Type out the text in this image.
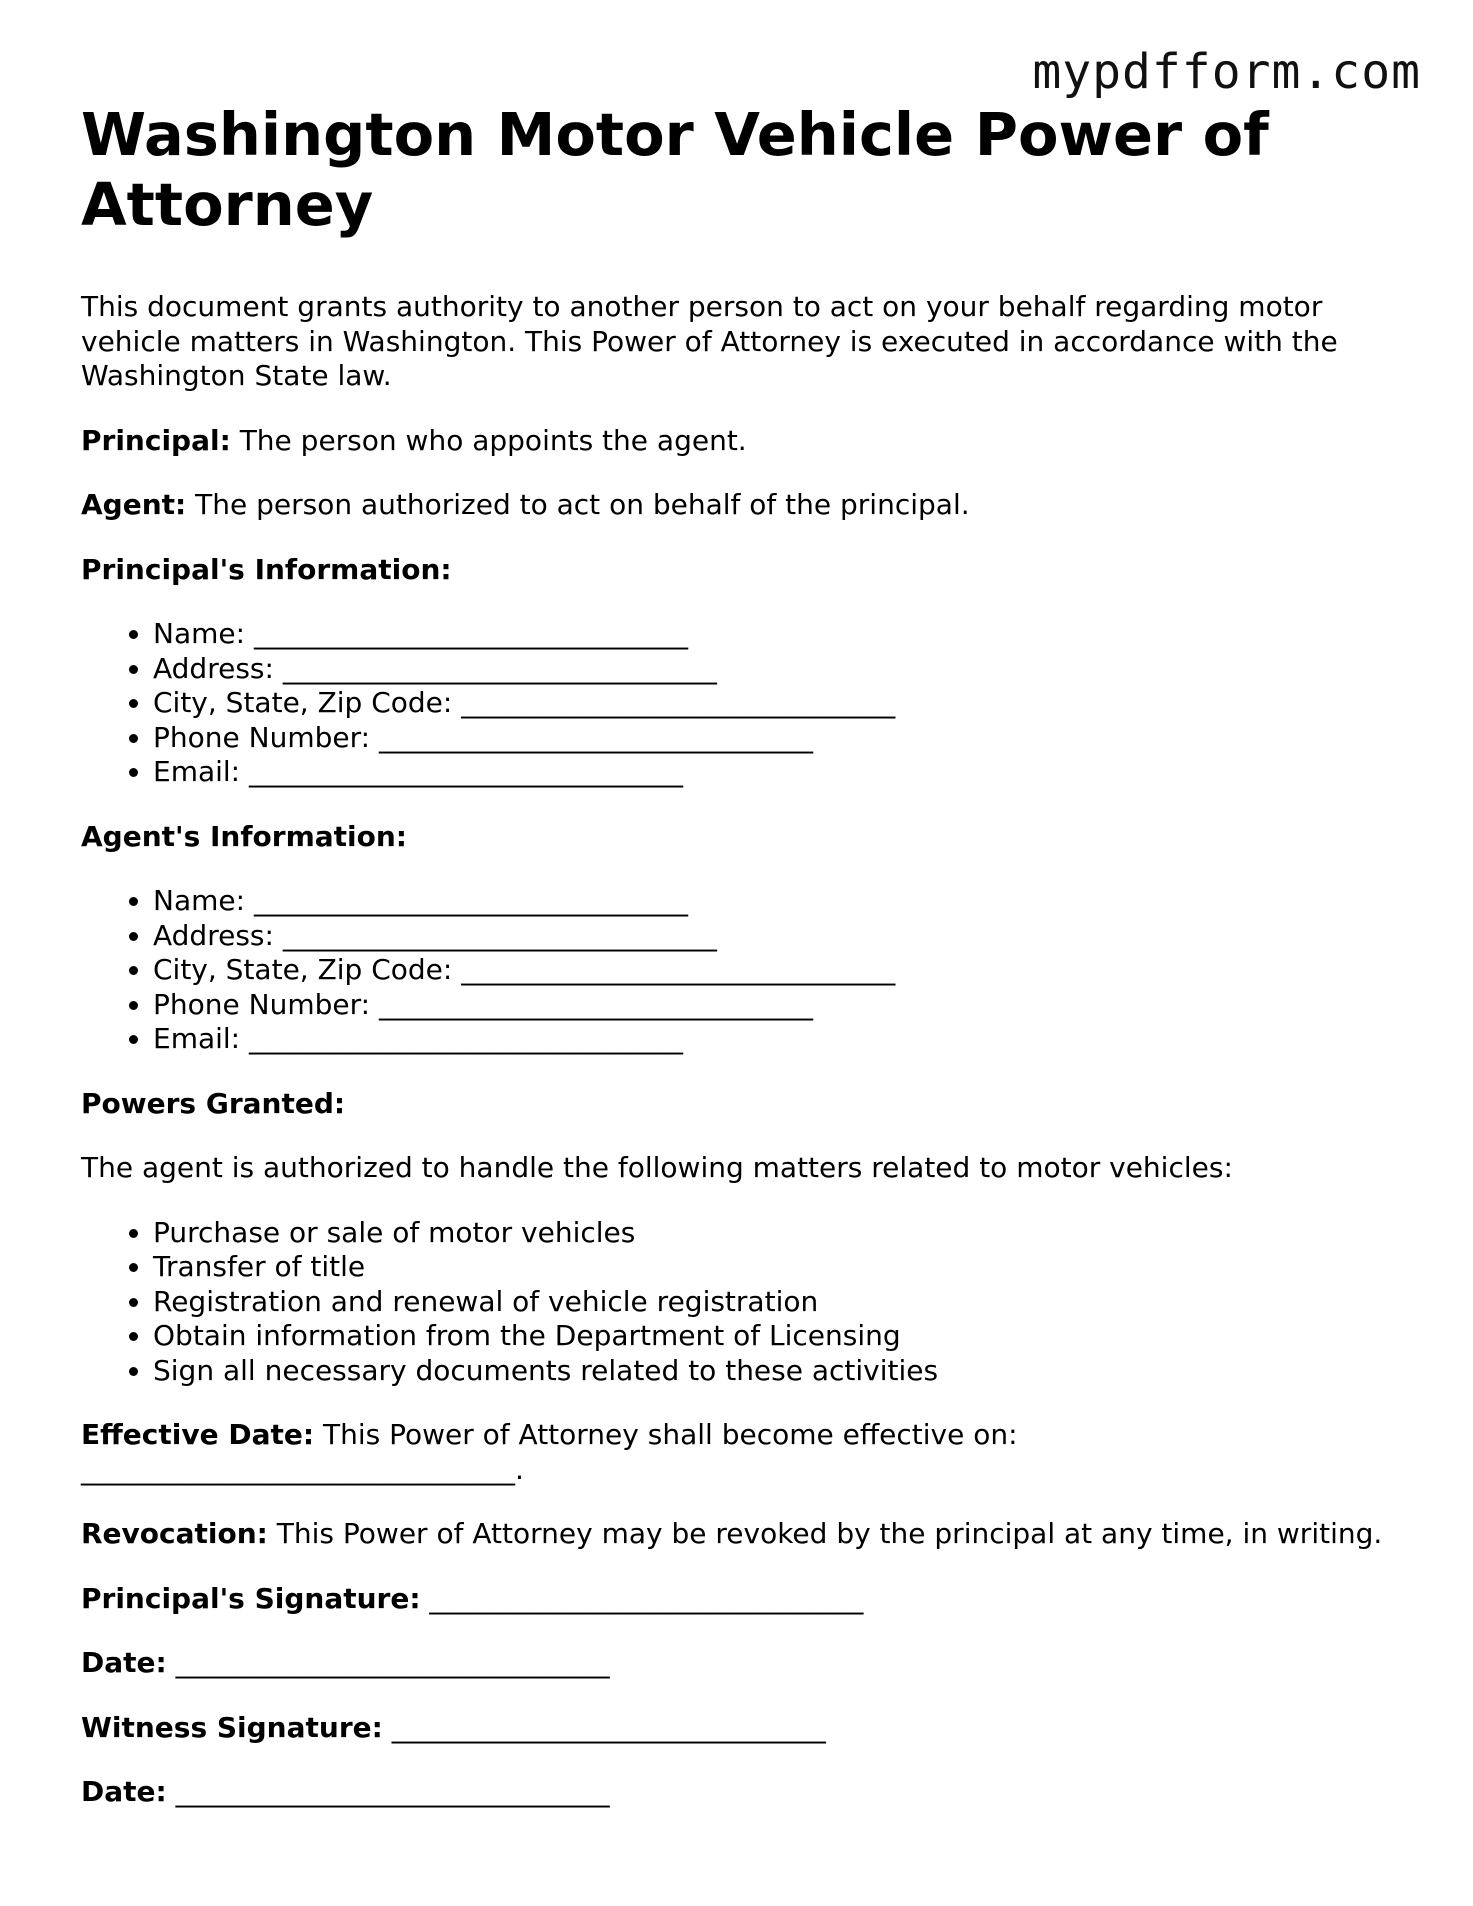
mypdfform.com
Washington Motor Vehicle Power of Attorney

This document grants authority to another person to act on your behalf regarding motor vehicle matters in Washington. This Power of Attorney is executed in accordance with the Washington State law.

Principal: The person who appoints the agent.

Agent: The person authorized to act on behalf of the principal.

Principal's Information:

• Name: _______________________________
• Address: _______________________________
• City, State, Zip Code: _______________________________
• Phone Number: _______________________________
• Email: _______________________________

Agent's Information:

• Name: _______________________________
• Address: _______________________________
• City, State, Zip Code: _______________________________
• Phone Number: _______________________________
• Email: _______________________________

Powers Granted:

The agent is authorized to handle the following matters related to motor vehicles:

• Purchase or sale of motor vehicles
• Transfer of title
• Registration and renewal of vehicle registration
• Obtain information from the Department of Licensing
• Sign all necessary documents related to these activities

Effective Date: This Power of Attorney shall become effective on: _______________________________.

Revocation: This Power of Attorney may be revoked by the principal at any time, in writing.

Principal's Signature: _______________________________

Date: _______________________________

Witness Signature: _______________________________

Date: _______________________________
